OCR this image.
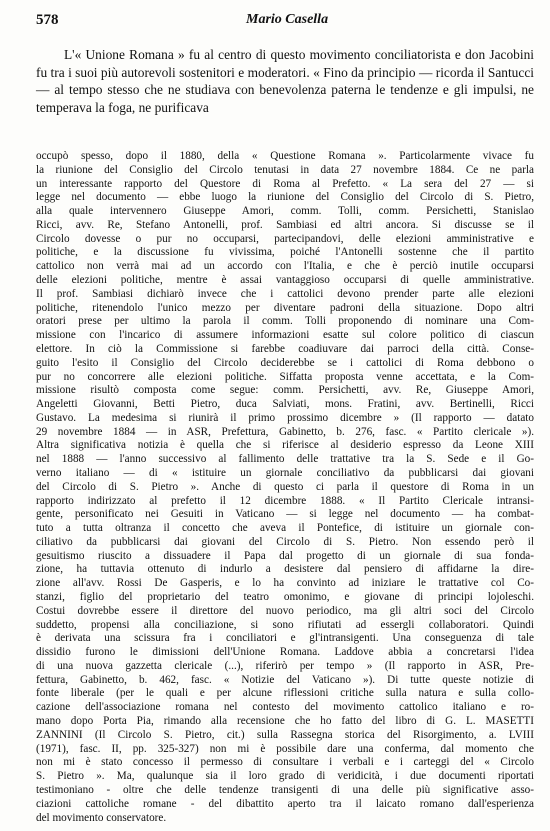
578	Mario Casella

L'« Unione Romana » fu al centro di questo movimento conciliatorista e don Jacobini fu tra i suoi più autorevoli sostenitori e moderatori. « Fino da principio — ricorda il Santucci — al tempo stesso che ne studiava con benevolenza paterna le tendenze e gli impulsi, ne temperava la foga, ne purificava

occupò spesso, dopo il 1880, della « Questione Romana ». Particolarmente vivace fu
la riunione del Consiglio del Circolo tenutasi in data 27 novembre 1884. Ce ne parla
un interessante rapporto del Questore di Roma al Prefetto. « La sera del 27 — si
legge nel documento — ebbe luogo la riunione del Consiglio del Circolo di S. Pietro,
alla quale intervennero Giuseppe Amori, comm. Tolli, comm. Persichetti, Stanislao
Ricci, avv. Re, Stefano Antonelli, prof. Sambiasi ed altri ancora. Si discusse se il
Circolo dovesse o pur no occuparsi, partecipandovi, delle elezioni amministrative e
politiche, e la discussione fu vivissima, poiché l'Antonelli sostenne che il partito
cattolico non verrà mai ad un accordo con l'Italia, e che è perciò inutile occuparsi
delle elezioni politiche, mentre è assai vantaggioso occuparsi di quelle amministrative.
Il prof. Sambiasi dichiarò invece che i cattolici devono prender parte alle elezioni
politiche, ritenendolo l'unico mezzo per diventare padroni della situazione. Dopo altri
oratori prese per ultimo la parola il comm. Tolli proponendo di nominare una Com-
missione con l'incarico di assumere informazioni esatte sul colore politico di ciascun
elettore. In ciò la Commissione si farebbe coadiuvare dai parroci della città. Conse-
guito l'esito il Consiglio del Circolo deciderebbe se i cattolici di Roma debbono o
pur no concorrere alle elezioni politiche. Siffatta proposta venne accettata, e la Com-
missione risultò composta come segue: comm. Persichetti, avv. Re, Giuseppe Amori,
Angeletti Giovanni, Betti Pietro, duca Salviati, mons. Fratini, avv. Bertinelli, Ricci
Gustavo. La medesima si riunirà il primo prossimo dicembre » (Il rapporto — datato
29 novembre 1884 — in ASR, Prefettura, Gabinetto, b. 276, fasc. « Partito clericale »).
Altra significativa notizia è quella che si riferisce al desiderio espresso da Leone XIII
nel 1888 — l'anno successivo al fallimento delle trattative tra la S. Sede e il Go-
verno italiano — di « istituire un giornale conciliativo da pubblicarsi dai giovani
del Circolo di S. Pietro ». Anche di questo ci parla il questore di Roma in un
rapporto indirizzato al prefetto il 12 dicembre 1888. « Il Partito Clericale intransi-
gente, personificato nei Gesuiti in Vaticano — si legge nel documento — ha combat-
tuto a tutta oltranza il concetto che aveva il Pontefice, di istituire un giornale con-
ciliativo da pubblicarsi dai giovani del Circolo di S. Pietro. Non essendo però il
gesuitismo riuscito a dissuadere il Papa dal progetto di un giornale di sua fonda-
zione, ha tuttavia ottenuto di indurlo a desistere dal pensiero di affidarne la dire-
zione all'avv. Rossi De Gasperis, e lo ha convinto ad iniziare le trattative col Co-
stanzi, figlio del proprietario del teatro omonimo, e giovane di principi lojoleschi.
Costui dovrebbe essere il direttore del nuovo periodico, ma gli altri soci del Circolo
suddetto, propensi alla conciliazione, si sono rifiutati ad essergli collaboratori. Quindi
è derivata una scissura fra i conciliatori e gl'intransigenti. Una conseguenza di tale
dissidio furono le dimissioni dell'Unione Romana. Laddove abbia a concretarsi l'idea
di una nuova gazzetta clericale (...), riferirò per tempo » (Il rapporto in ASR, Pre-
fettura, Gabinetto, b. 462, fasc. « Notizie del Vaticano »). Di tutte queste notizie di
fonte liberale (per le quali e per alcune riflessioni critiche sulla natura e sulla collo-
cazione dell'associazione romana nel contesto del movimento cattolico italiano e ro-
mano dopo Porta Pia, rimando alla recensione che ho fatto del libro di G. L. MASETTI
ZANNINI (Il Circolo S. Pietro, cit.) sulla Rassegna storica del Risorgimento, a. LVIII
(1971), fasc. II, pp. 325-327) non mi è possibile dare una conferma, dal momento che
non mi è stato concesso il permesso di consultare i verbali e i carteggi del « Circolo
S. Pietro ». Ma, qualunque sia il loro grado di veridicità, i due documenti riportati
testimoniano - oltre che delle tendenze transigenti di una delle più significative asso-
ciazioni cattoliche romane - del dibattito aperto tra il laicato romano dall'esperienza
del movimento conservatore.
